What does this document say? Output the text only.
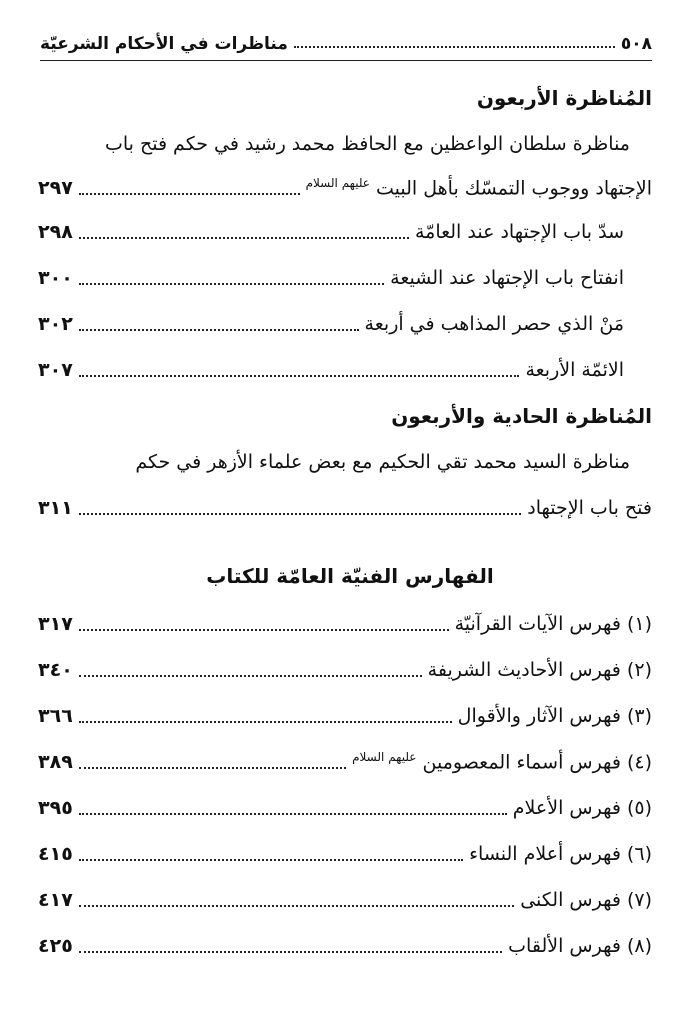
٥٠٨
مناظرات في الأحكام الشرعيّة
المُناظرة الأربعون
مناظرة سلطان الواعظين مع الحافظ محمد رشيد في حكم فتح باب
الإجتهاد ووجوب التمسّك بأهل البيت $^{عليهم السلام}$
٢٩٧
سدّ باب الإجتهاد عند العامّة
٢٩٨
انفتاح باب الإجتهاد عند الشيعة
٣٠٠
مَنْ الذي حصر المذاهب في أربعة
٣٠٢
الائمّة الأربعة
٣٠٧
المُناظرة الحادية والأربعون
مناظرة السيد محمد تقي الحكيم مع بعض علماء الأزهر في حكم
فتح باب الإجتهاد
٣١١
الفهارس الفنيّة العامّة للكتاب
(١) فهرس الآيات القرآنيّة
٣١٧
(٢) فهرس الأحاديث الشريفة
٣٤٠
(٣) فهرس الآثار والأقوال
٣٦٦
(٤) فهرس أسماء المعصومين $^{عليهم السلام}$
٣٨٩
(٥) فهرس الأعلام
٣٩٥
(٦) فهرس أعلام النساء
٤١٥
(٧) فهرس الكنى
٤١٧
(٨) فهرس الألقاب
٤٢٥
